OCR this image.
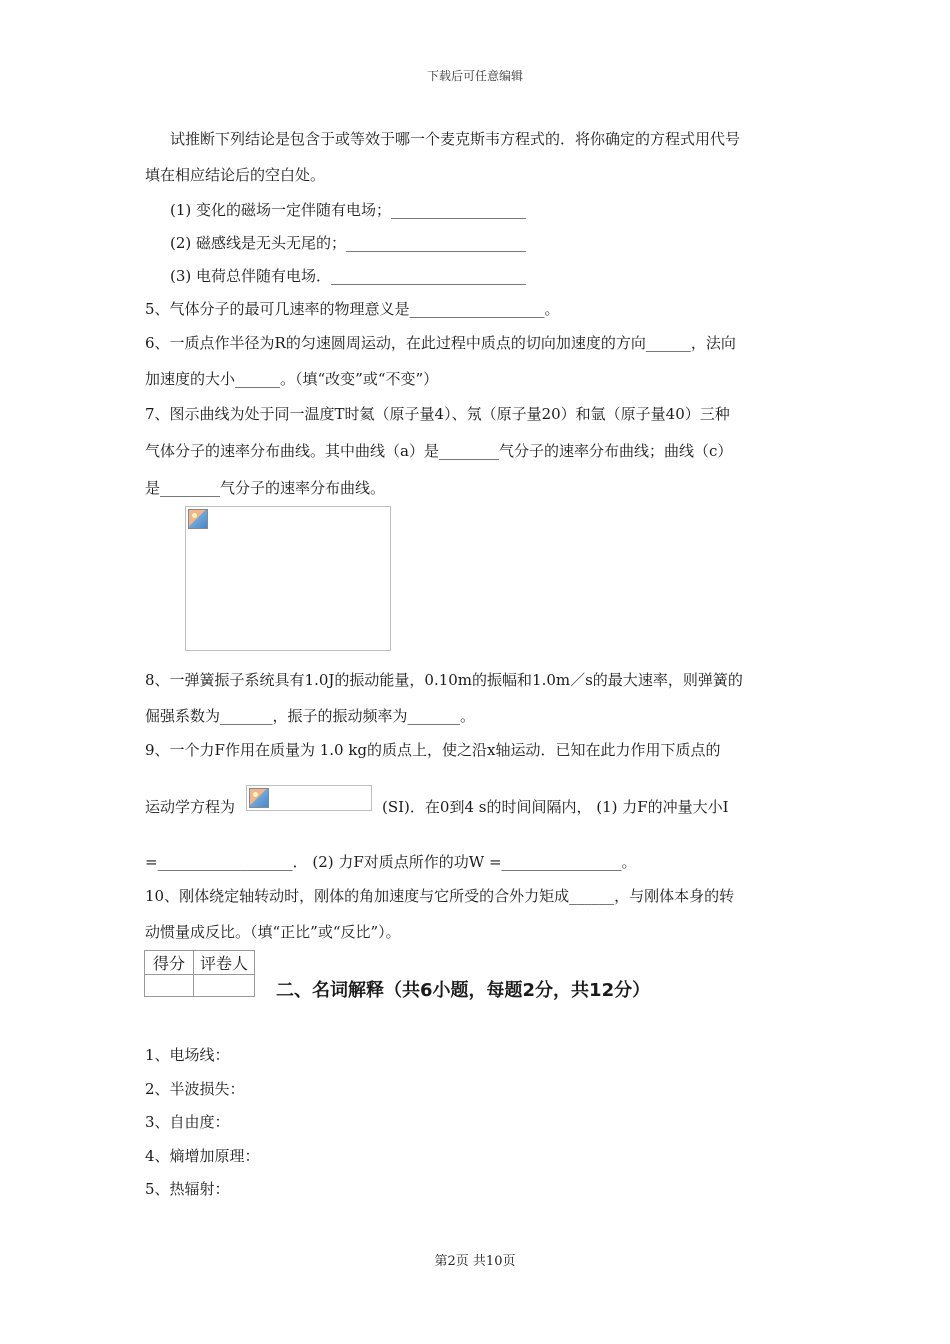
下载后可任意编辑
试推断下列结论是包含于或等效于哪一个麦克斯韦方程式的．将你确定的方程式用代号
填在相应结论后的空白处。
(1) 变化的磁场一定伴随有电场；__________________
(2) 磁感线是无头无尾的；________________________
(3) 电荷总伴随有电场．__________________________
5、气体分子的最可几速率的物理意义是__________________。
6、一质点作半径为R的匀速圆周运动，在此过程中质点的切向加速度的方向______，法向
加速度的大小______。（填“改变”或“不变”）
7、图示曲线为处于同一温度T时氦（原子量4）、氖（原子量20）和氩（原子量40）三种
气体分子的速率分布曲线。其中曲线（a）是________气分子的速率分布曲线；曲线（c）
是________气分子的速率分布曲线。
8、一弹簧振子系统具有1.0J的振动能量，0.10m的振幅和1.0m／s的最大速率，则弹簧的
倔强系数为_______，振子的振动频率为_______。
9、一个力F作用在质量为 1.0 kg的质点上，使之沿x轴运动．已知在此力作用下质点的
运动学方程为	(SI)．在0到4 s的时间间隔内， (1) 力F的冲量大小I
=__________________． (2) 力F对质点所作的功W =________________。
10、刚体绕定轴转动时，刚体的角加速度与它所受的合外力矩成______，与刚体本身的转
动惯量成反比。（填“正比”或“反比”）。
得分	评卷人

二、名词解释（共6小题，每题2分，共12分）
1、电场线：
2、半波损失：
3、自由度：
4、熵增加原理：
5、热辐射：
第2页 共10页
